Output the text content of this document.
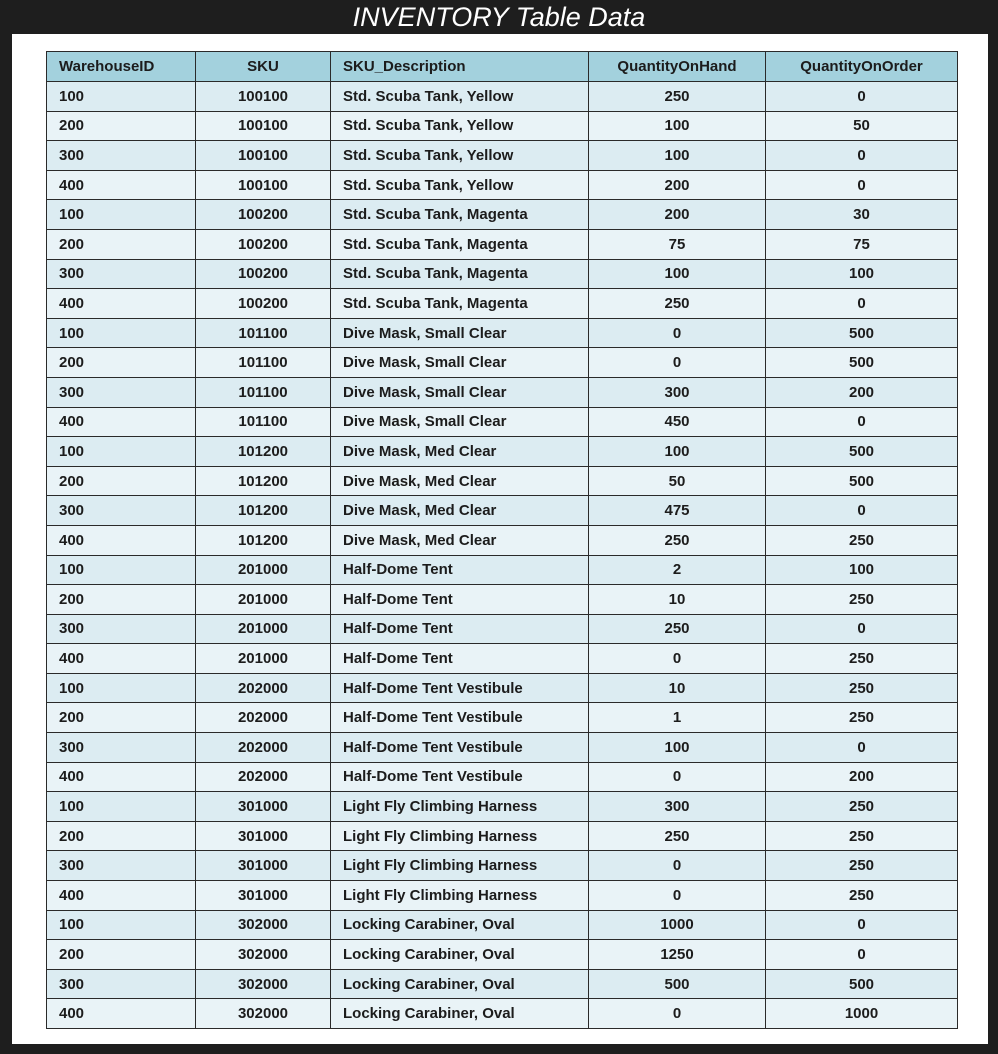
INVENTORY Table Data
WarehouseID	SKU	SKU_Description	QuantityOnHand	QuantityOnOrder
100	100100	Std. Scuba Tank, Yellow	250	0
200	100100	Std. Scuba Tank, Yellow	100	50
300	100100	Std. Scuba Tank, Yellow	100	0
400	100100	Std. Scuba Tank, Yellow	200	0
100	100200	Std. Scuba Tank, Magenta	200	30
200	100200	Std. Scuba Tank, Magenta	75	75
300	100200	Std. Scuba Tank, Magenta	100	100
400	100200	Std. Scuba Tank, Magenta	250	0
100	101100	Dive Mask, Small Clear	0	500
200	101100	Dive Mask, Small Clear	0	500
300	101100	Dive Mask, Small Clear	300	200
400	101100	Dive Mask, Small Clear	450	0
100	101200	Dive Mask, Med Clear	100	500
200	101200	Dive Mask, Med Clear	50	500
300	101200	Dive Mask, Med Clear	475	0
400	101200	Dive Mask, Med Clear	250	250
100	201000	Half-Dome Tent	2	100
200	201000	Half-Dome Tent	10	250
300	201000	Half-Dome Tent	250	0
400	201000	Half-Dome Tent	0	250
100	202000	Half-Dome Tent Vestibule	10	250
200	202000	Half-Dome Tent Vestibule	1	250
300	202000	Half-Dome Tent Vestibule	100	0
400	202000	Half-Dome Tent Vestibule	0	200
100	301000	Light Fly Climbing Harness	300	250
200	301000	Light Fly Climbing Harness	250	250
300	301000	Light Fly Climbing Harness	0	250
400	301000	Light Fly Climbing Harness	0	250
100	302000	Locking Carabiner, Oval	1000	0
200	302000	Locking Carabiner, Oval	1250	0
300	302000	Locking Carabiner, Oval	500	500
400	302000	Locking Carabiner, Oval	0	1000
